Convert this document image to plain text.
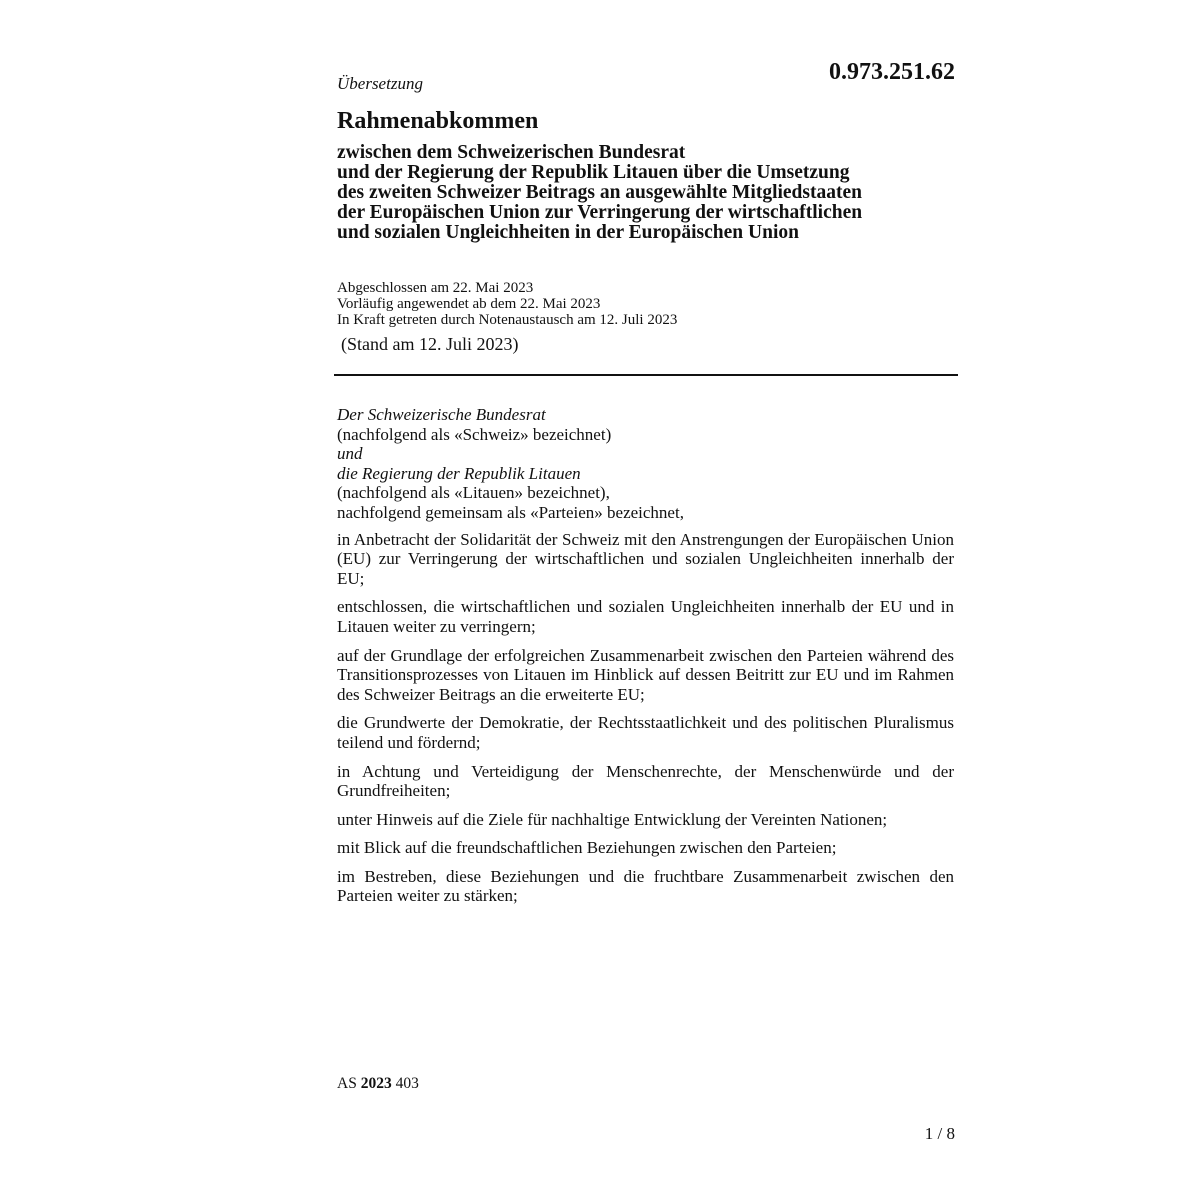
Übersetzung	0.973.251.62
Rahmenabkommen
zwischen dem Schweizerischen Bundesrat
und der Regierung der Republik Litauen über die Umsetzung
des zweiten Schweizer Beitrags an ausgewählte Mitgliedstaaten
der Europäischen Union zur Verringerung der wirtschaftlichen
und sozialen Ungleichheiten in der Europäischen Union
Abgeschlossen am 22. Mai 2023
Vorläufig angewendet ab dem 22. Mai 2023
In Kraft getreten durch Notenaustausch am 12. Juli 2023
(Stand am 12. Juli 2023)
Der Schweizerische Bundesrat
(nachfolgend als «Schweiz» bezeichnet)
und
die Regierung der Republik Litauen
(nachfolgend als «Litauen» bezeichnet),
nachfolgend gemeinsam als «Parteien» bezeichnet,

in Anbetracht der Solidarität der Schweiz mit den Anstrengungen der Europäischen Union (EU) zur Verringerung der wirtschaftlichen und sozialen Ungleichheiten innerhalb der EU;

entschlossen, die wirtschaftlichen und sozialen Ungleichheiten innerhalb der EU und in Litauen weiter zu verringern;

auf der Grundlage der erfolgreichen Zusammenarbeit zwischen den Parteien während des Transitionsprozesses von Litauen im Hinblick auf dessen Beitritt zur EU und im Rahmen des Schweizer Beitrags an die erweiterte EU;

die Grundwerte der Demokratie, der Rechtsstaatlichkeit und des politischen Pluralismus teilend und fördernd;

in Achtung und Verteidigung der Menschenrechte, der Menschenwürde und der Grundfreiheiten;

unter Hinweis auf die Ziele für nachhaltige Entwicklung der Vereinten Nationen;

mit Blick auf die freundschaftlichen Beziehungen zwischen den Parteien;

im Bestreben, diese Beziehungen und die fruchtbare Zusammenarbeit zwischen den Parteien weiter zu stärken;

AS 2023 403
1 / 8
